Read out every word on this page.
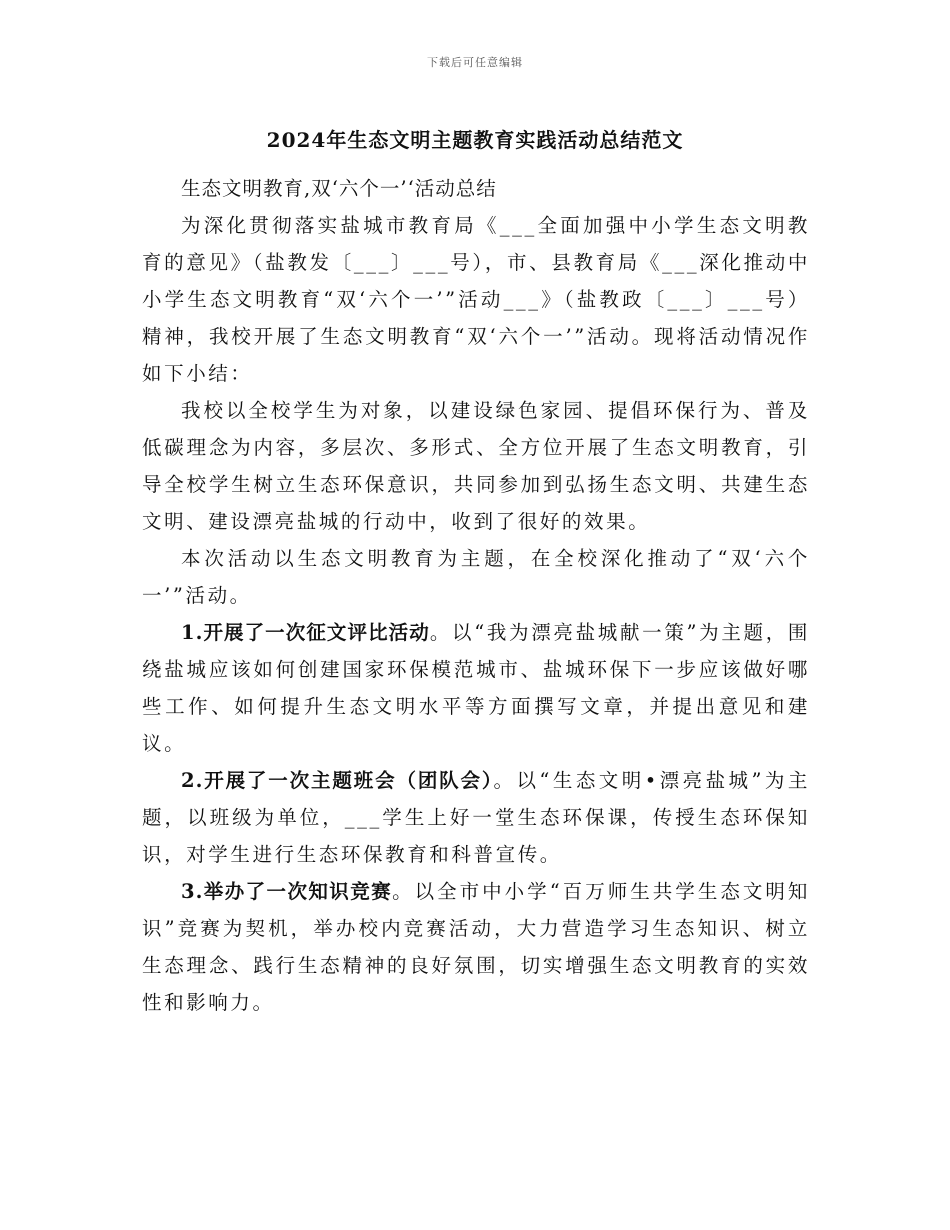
下载后可任意编辑
2024年生态文明主题教育实践活动总结范文

生态文明教育,双‘六个一’‘活动总结

为深化贯彻落实盐城市教育局《___全面加强中小学生态文明教育的意见》（盐教发〔___〕___号），市、县教育局《___深化推动中小学生态文明教育“双‘六个一’”活动___》（盐教政〔___〕___号）精神，我校开展了生态文明教育“双‘六个一’”活动。现将活动情况作如下小结：

我校以全校学生为对象，以建设绿色家园、提倡环保行为、普及低碳理念为内容，多层次、多形式、全方位开展了生态文明教育，引导全校学生树立生态环保意识，共同参加到弘扬生态文明、共建生态文明、建设漂亮盐城的行动中，收到了很好的效果。

本次活动以生态文明教育为主题，在全校深化推动了“双‘六个一’”活动。

1.开展了一次征文评比活动。以“我为漂亮盐城献一策”为主题，围绕盐城应该如何创建国家环保模范城市、盐城环保下一步应该做好哪些工作、如何提升生态文明水平等方面撰写文章，并提出意见和建议。

2.开展了一次主题班会（团队会）。以“生态文明•漂亮盐城”为主题，以班级为单位，___学生上好一堂生态环保课，传授生态环保知识，对学生进行生态环保教育和科普宣传。

3.举办了一次知识竞赛。以全市中小学“百万师生共学生态文明知识”竞赛为契机，举办校内竞赛活动，大力营造学习生态知识、树立生态理念、践行生态精神的良好氛围，切实增强生态文明教育的实效性和影响力。
